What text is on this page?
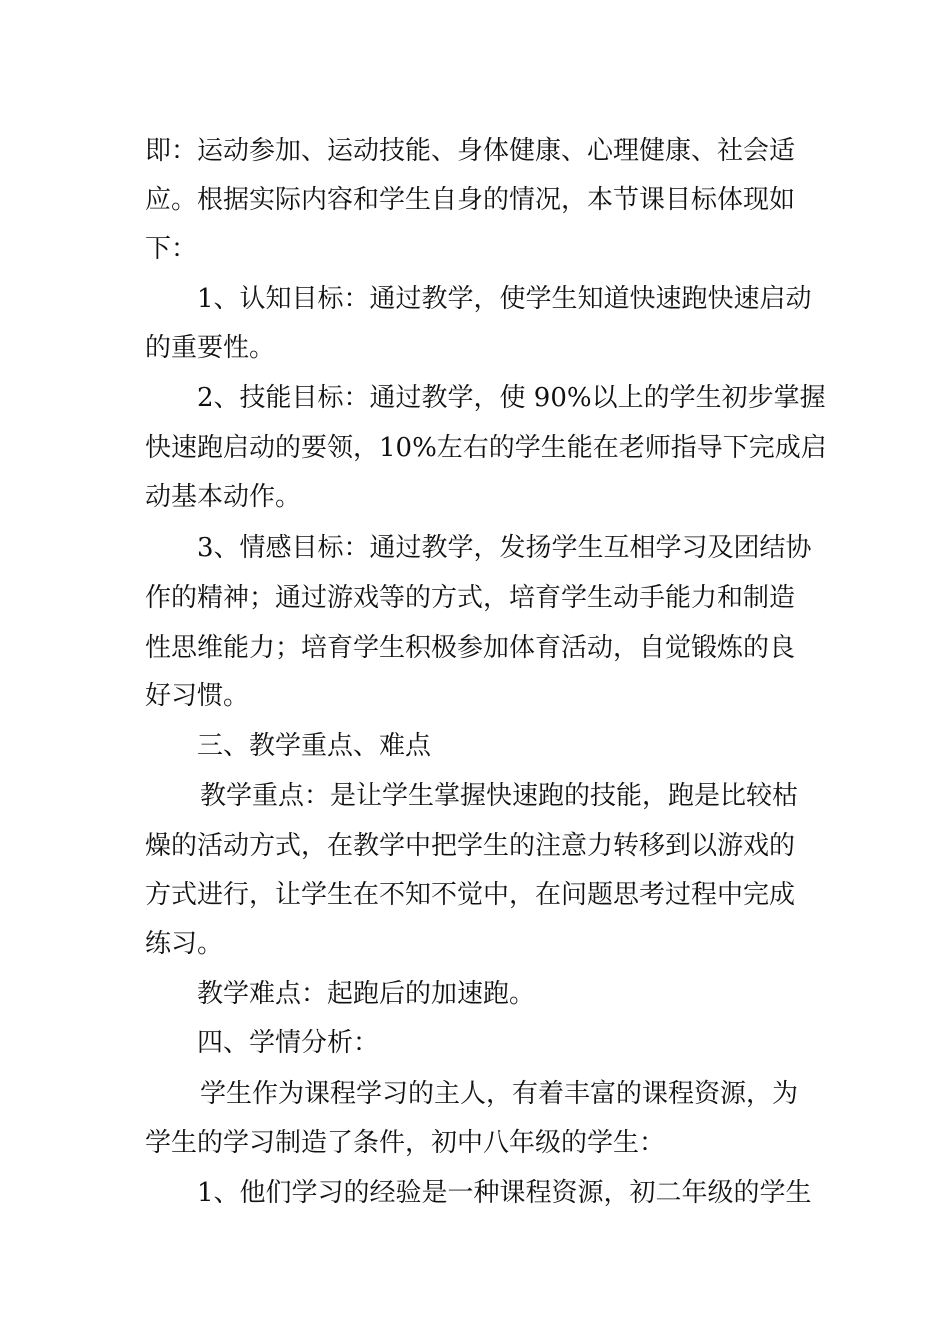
即：运动参加、运动技能、身体健康、心理健康、社会适
应。根据实际内容和学生自身的情况，本节课目标体现如
下：
1、认知目标：通过教学，使学生知道快速跑快速启动
的重要性。
2、技能目标：通过教学，使 90%以上的学生初步掌握
快速跑启动的要领，10%左右的学生能在老师指导下完成启
动基本动作。
3、情感目标：通过教学，发扬学生互相学习及团结协
作的精神；通过游戏等的方式，培育学生动手能力和制造
性思维能力；培育学生积极参加体育活动，自觉锻炼的良
好习惯。
三、教学重点、难点
教学重点：是让学生掌握快速跑的技能，跑是比较枯
燥的活动方式，在教学中把学生的注意力转移到以游戏的
方式进行，让学生在不知不觉中，在问题思考过程中完成
练习。
教学难点：起跑后的加速跑。
四、学情分析：
学生作为课程学习的主人，有着丰富的课程资源，为
学生的学习制造了条件，初中八年级的学生：
1、他们学习的经验是一种课程资源，初二年级的学生
